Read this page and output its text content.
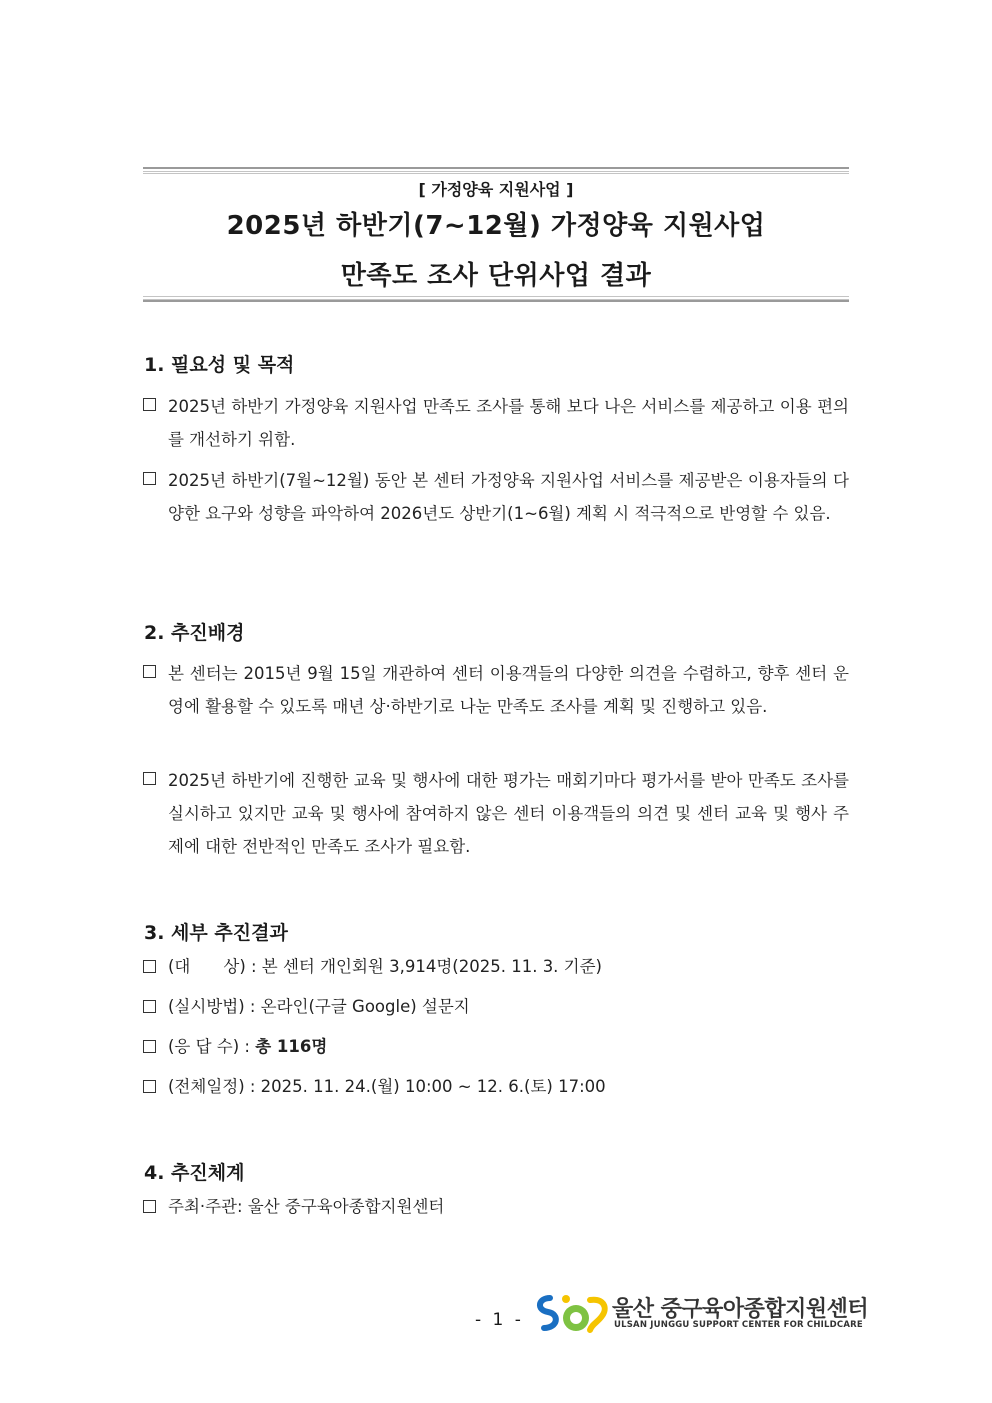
[ 가정양육 지원사업 ]
2025년 하반기(7~12월) 가정양육 지원사업
만족도 조사 단위사업 결과
1. 필요성 및 목적
2025년 하반기 가정양육 지원사업 만족도 조사를 통해 보다 나은 서비스를 제공하고 이용 편의를 개선하기 위함.
2025년 하반기(7월~12월) 동안 본 센터 가정양육 지원사업 서비스를 제공받은 이용자들의 다양한 요구와 성향을 파악하여 2026년도 상반기(1~6월) 계획 시 적극적으로 반영할 수 있음.
2. 추진배경
본 센터는 2015년 9월 15일 개관하여 센터 이용객들의 다양한 의견을 수렴하고, 향후 센터 운영에 활용할 수 있도록 매년 상·하반기로 나눈 만족도 조사를 계획 및 진행하고 있음.
2025년 하반기에 진행한 교육 및 행사에 대한 평가는 매회기마다 평가서를 받아 만족도 조사를 실시하고 있지만 교육 및 행사에 참여하지 않은 센터 이용객들의 의견 및 센터 교육 및 행사 주제에 대한 전반적인 만족도 조사가 필요함.
3. 세부 추진결과
(대　　상) : 본 센터 개인회원 3,914명(2025. 11. 3. 기준)
(실시방법) : 온라인(구글 Google) 설문지
(응 답 수) : 총 116명
(전체일정) : 2025. 11. 24.(월) 10:00 ~ 12. 6.(토) 17:00
4. 추진체계
주최·주관: 울산 중구육아종합지원센터
- 1 -	울산 중구육아종합지원센터
ULSAN JUNGGU SUPPORT CENTER FOR CHILDCARE
